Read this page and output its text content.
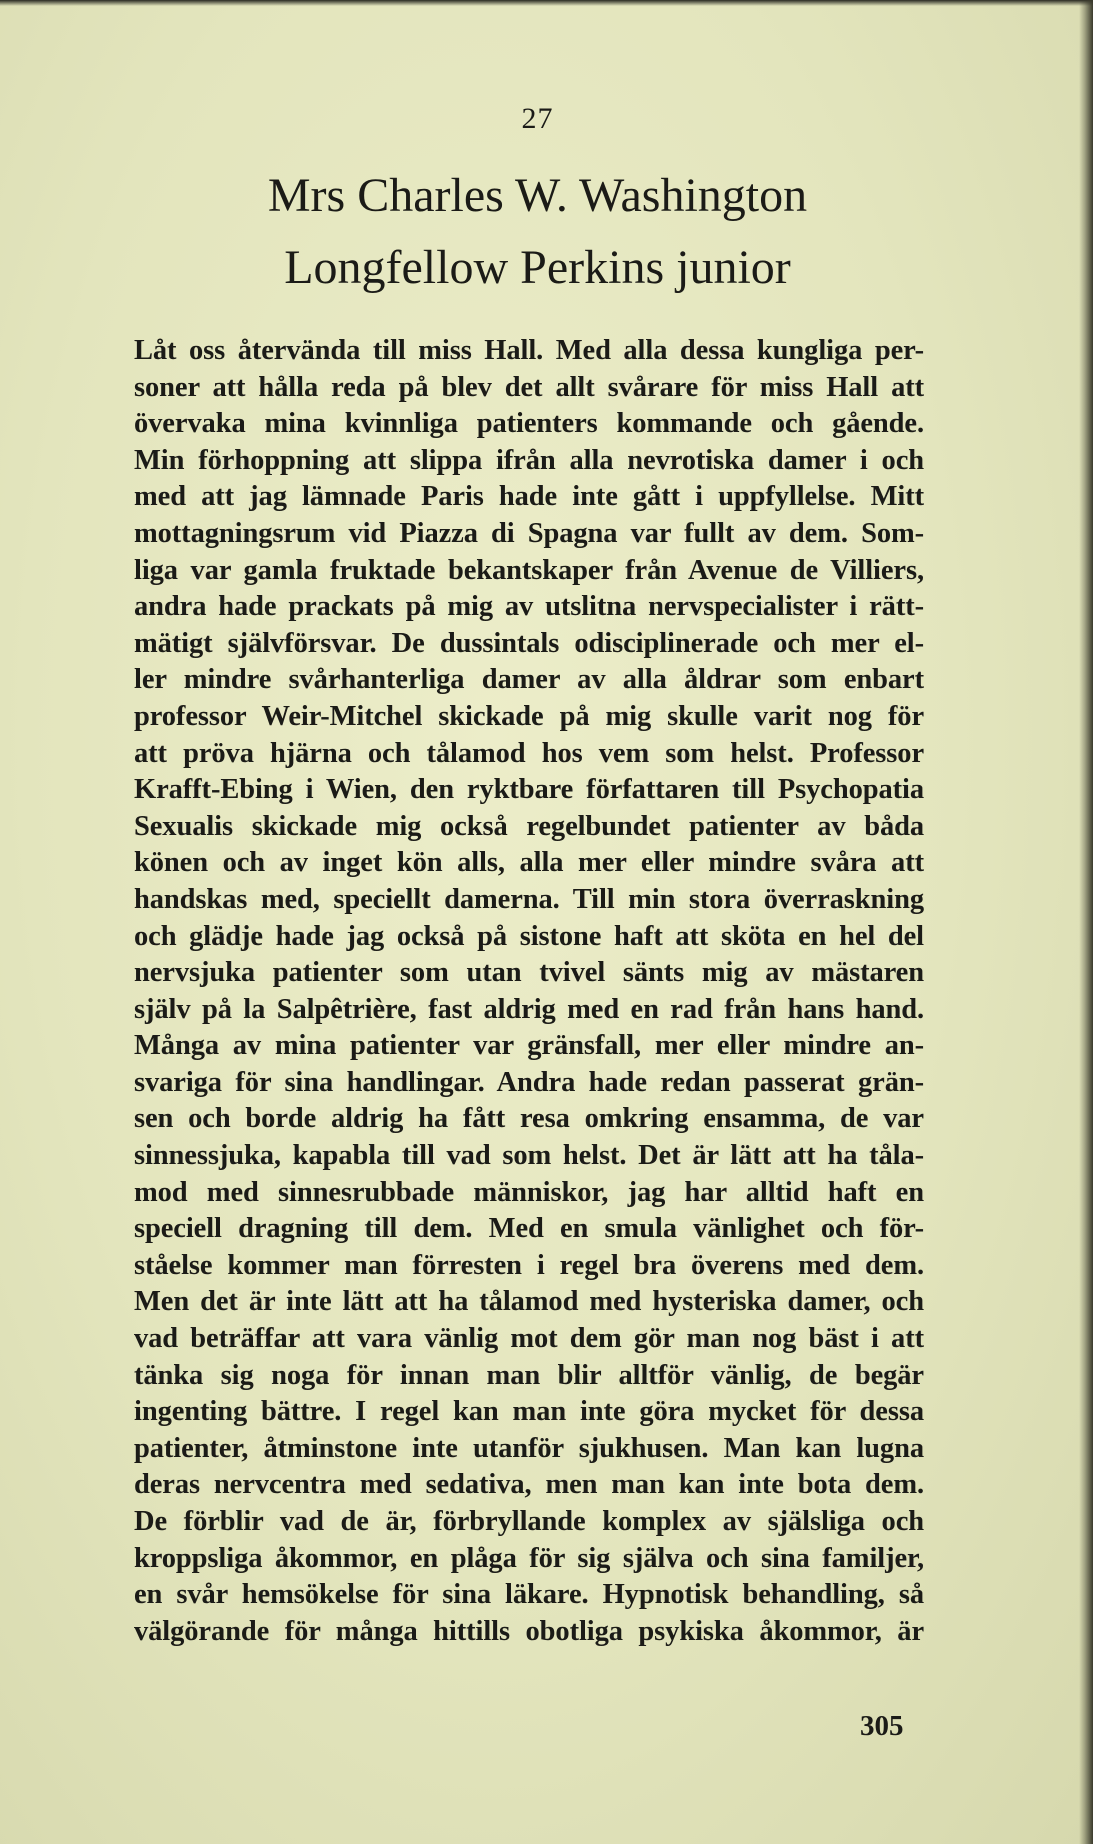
27
Mrs Charles W. Washington
Longfellow Perkins junior
Låt oss återvända till miss Hall. Med alla dessa kungliga per-
soner att hålla reda på blev det allt svårare för miss Hall att
övervaka mina kvinnliga patienters kommande och gående.
Min förhoppning att slippa ifrån alla nevrotiska damer i och
med att jag lämnade Paris hade inte gått i uppfyllelse. Mitt
mottagningsrum vid Piazza di Spagna var fullt av dem. Som-
liga var gamla fruktade bekantskaper från Avenue de Villiers,
andra hade prackats på mig av utslitna nervspecialister i rätt-
mätigt självförsvar. De dussintals odisciplinerade och mer el-
ler mindre svårhanterliga damer av alla åldrar som enbart
professor Weir-Mitchel skickade på mig skulle varit nog för
att pröva hjärna och tålamod hos vem som helst. Professor
Krafft-Ebing i Wien, den ryktbare författaren till Psychopatia
Sexualis skickade mig också regelbundet patienter av båda
könen och av inget kön alls, alla mer eller mindre svåra att
handskas med, speciellt damerna. Till min stora överraskning
och glädje hade jag också på sistone haft att sköta en hel del
nervsjuka patienter som utan tvivel sänts mig av mästaren
själv på la Salpêtrière, fast aldrig med en rad från hans hand.
Många av mina patienter var gränsfall, mer eller mindre an-
svariga för sina handlingar. Andra hade redan passerat grän-
sen och borde aldrig ha fått resa omkring ensamma, de var
sinnessjuka, kapabla till vad som helst. Det är lätt att ha tåla-
mod med sinnesrubbade människor, jag har alltid haft en
speciell dragning till dem. Med en smula vänlighet och för-
ståelse kommer man förresten i regel bra överens med dem.
Men det är inte lätt att ha tålamod med hysteriska damer, och
vad beträffar att vara vänlig mot dem gör man nog bäst i att
tänka sig noga för innan man blir alltför vänlig, de begär
ingenting bättre. I regel kan man inte göra mycket för dessa
patienter, åtminstone inte utanför sjukhusen. Man kan lugna
deras nervcentra med sedativa, men man kan inte bota dem.
De förblir vad de är, förbryllande komplex av själsliga och
kroppsliga åkommor, en plåga för sig själva och sina familjer,
en svår hemsökelse för sina läkare. Hypnotisk behandling, så
välgörande för många hittills obotliga psykiska åkommor, är
305
